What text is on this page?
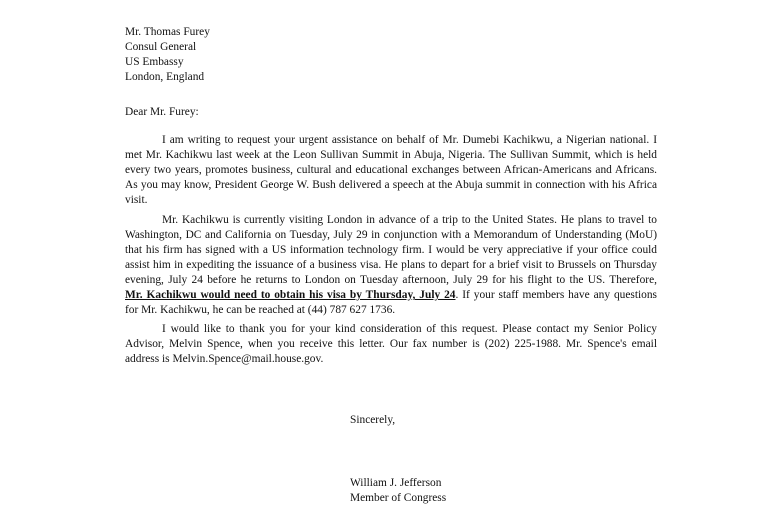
Mr. Thomas Furey
Consul General
US Embassy
London, England
Dear Mr. Furey:
I am writing to request your urgent assistance on behalf of Mr. Dumebi Kachikwu, a Nigerian national. I
met Mr. Kachikwu last week at the Leon Sullivan Summit in Abuja, Nigeria. The Sullivan Summit, which is held
every two years, promotes business, cultural and educational exchanges between African-Americans and Africans.
As you may know, President George W. Bush delivered a speech at the Abuja summit in connection with his Africa
visit.
Mr. Kachikwu is currently visiting London in advance of a trip to the United States. He plans to travel to
Washington, DC and California on Tuesday, July 29 in conjunction with a Memorandum of Understanding (MoU)
that his firm has signed with a US information technology firm. I would be very appreciative if your office could
assist him in expediting the issuance of a business visa. He plans to depart for a brief visit to Brussels on Thursday
evening, July 24 before he returns to London on Tuesday afternoon, July 29 for his flight to the US. Therefore,
Mr. Kachikwu would need to obtain his visa by Thursday, July 24. If your staff members have any questions
for Mr. Kachikwu, he can be reached at (44) 787 627 1736.
I would like to thank you for your kind consideration of this request. Please contact my Senior Policy
Advisor, Melvin Spence, when you receive this letter. Our fax number is (202) 225-1988. Mr. Spence's email
address is Melvin.Spence@mail.house.gov.
Sincerely,
William J. Jefferson
Member of Congress
